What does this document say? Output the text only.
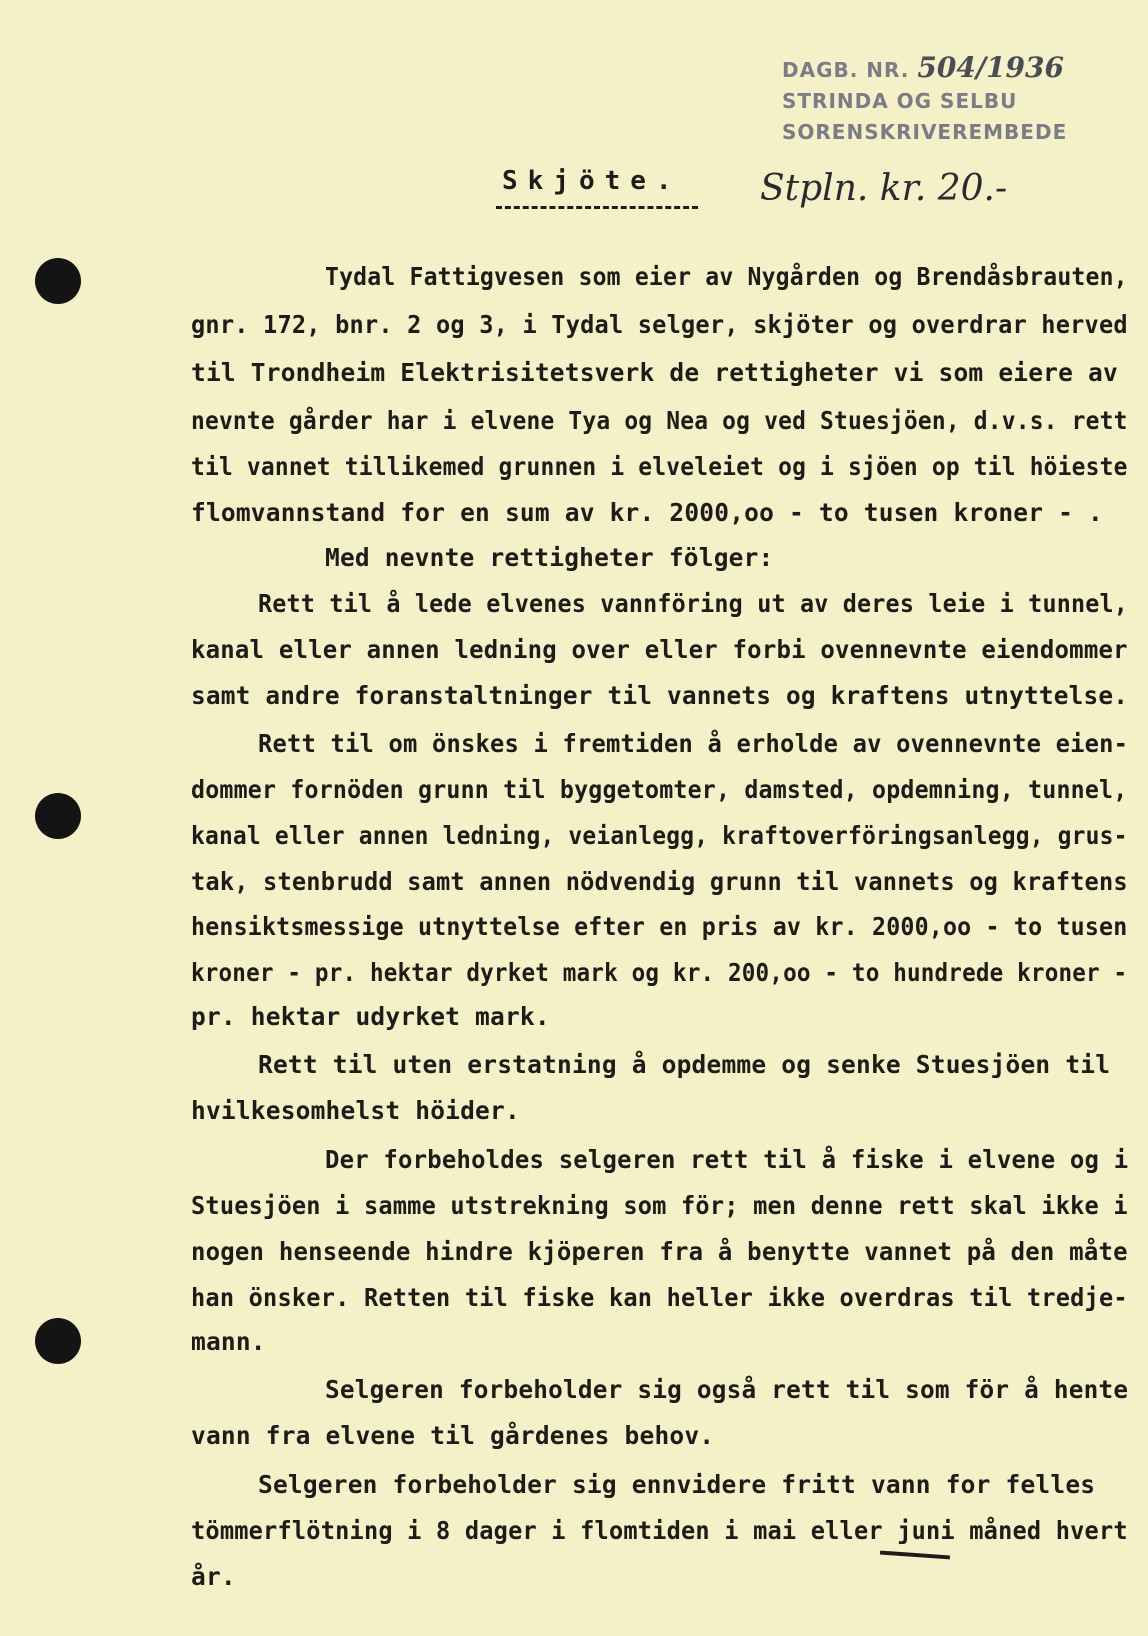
DAGB. NR. 504/1936
STRINDA OG SELBU
SORENSKRIVEREMBEDE
Skjöte. Stpln. kr. 20.-
Tydal Fattigvesen som eier av Nygården og Brendåsbrauten,
gnr. 172, bnr. 2 og 3, i Tydal selger, skjöter og overdrar herved
til Trondheim Elektrisitetsverk de rettigheter vi som eiere av
nevnte gårder har i elvene Tya og Nea og ved Stuesjöen, d.v.s. rett
til vannet tillikemed grunnen i elveleiet og i sjöen op til höieste
flomvannstand for en sum av kr. 2000,oo - to tusen kroner - .
Med nevnte rettigheter fölger:
Rett til å lede elvenes vannföring ut av deres leie i tunnel,
kanal eller annen ledning over eller forbi ovennevnte eiendommer
samt andre foranstaltninger til vannets og kraftens utnyttelse.
Rett til om önskes i fremtiden å erholde av ovennevnte eien-
dommer fornöden grunn til byggetomter, damsted, opdemning, tunnel,
kanal eller annen ledning, veianlegg, kraftoverföringsanlegg, grus-
tak, stenbrudd samt annen nödvendig grunn til vannets og kraftens
hensiktsmessige utnyttelse efter en pris av kr. 2000,oo - to tusen
kroner - pr. hektar dyrket mark og kr. 200,oo - to hundrede kroner -
pr. hektar udyrket mark.
Rett til uten erstatning å opdemme og senke Stuesjöen til
hvilkesomhelst höider.
Der forbeholdes selgeren rett til å fiske i elvene og i
Stuesjöen i samme utstrekning som för; men denne rett skal ikke i
nogen henseende hindre kjöperen fra å benytte vannet på den måte
han önsker. Retten til fiske kan heller ikke overdras til tredje-
mann.
Selgeren forbeholder sig også rett til som för å hente
vann fra elvene til gårdenes behov.
Selgeren forbeholder sig ennvidere fritt vann for felles
tömmerflötning i 8 dager i flomtiden i mai eller juni måned hvert
år.
